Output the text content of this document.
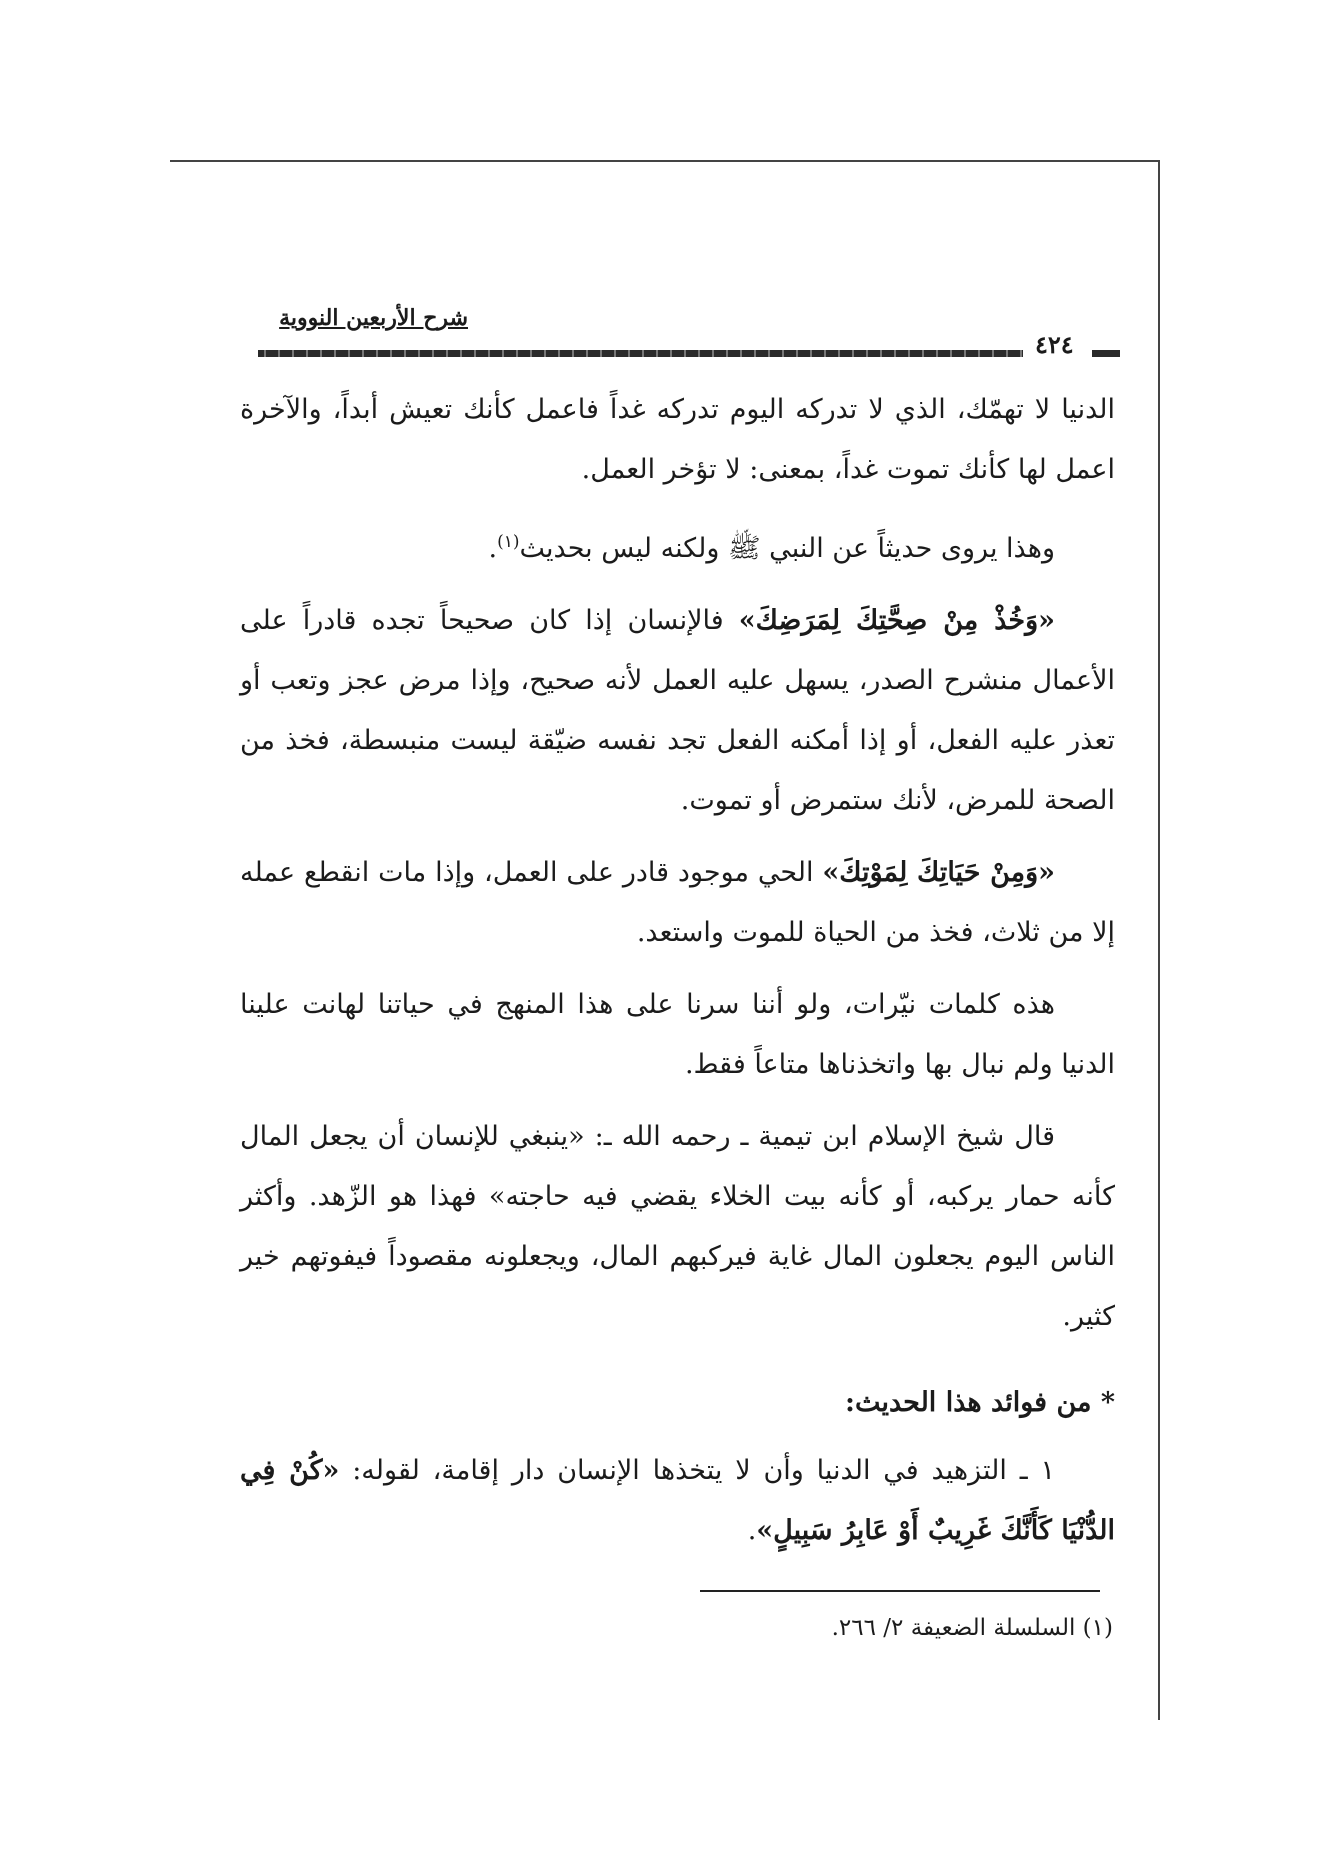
شرح الأربعين النووية
٤٢٤

الدنيا لا تهمّك، الذي لا تدركه اليوم تدركه غداً فاعمل كأنك تعيش أبداً، والآخرة اعمل لها كأنك تموت غداً، بمعنى: لا تؤخر العمل.

وهذا يروى حديثاً عن النبي ﷺ ولكنه ليس بحديث$^{(١)}$.

«وَخُذْ مِنْ صِحَّتِكَ لِمَرَضِكَ» فالإنسان إذا كان صحيحاً تجده قادراً على الأعمال منشرح الصدر، يسهل عليه العمل لأنه صحيح، وإذا مرض عجز وتعب أو تعذر عليه الفعل، أو إذا أمكنه الفعل تجد نفسه ضيّقة ليست منبسطة، فخذ من الصحة للمرض، لأنك ستمرض أو تموت.

«وَمِنْ حَيَاتِكَ لِمَوْتِكَ» الحي موجود قادر على العمل، وإذا مات انقطع عمله إلا من ثلاث، فخذ من الحياة للموت واستعد.

هذه كلمات نيّرات، ولو أننا سرنا على هذا المنهج في حياتنا لهانت علينا الدنيا ولم نبال بها واتخذناها متاعاً فقط.

قال شيخ الإسلام ابن تيمية ـ رحمه الله ـ: «ينبغي للإنسان أن يجعل المال كأنه حمار يركبه، أو كأنه بيت الخلاء يقضي فيه حاجته» فهذا هو الزّهد. وأكثر الناس اليوم يجعلون المال غاية فيركبهم المال، ويجعلونه مقصوداً فيفوتهم خير كثير.

* من فوائد هذا الحديث:

١ ـ التزهيد في الدنيا وأن لا يتخذها الإنسان دار إقامة، لقوله: «كُنْ فِي الدُّنْيَا كَأَنَّكَ غَرِيبٌ أَوْ عَابِرُ سَبِيلٍ».

(١) السلسلة الضعيفة ٢/ ٢٦٦.
